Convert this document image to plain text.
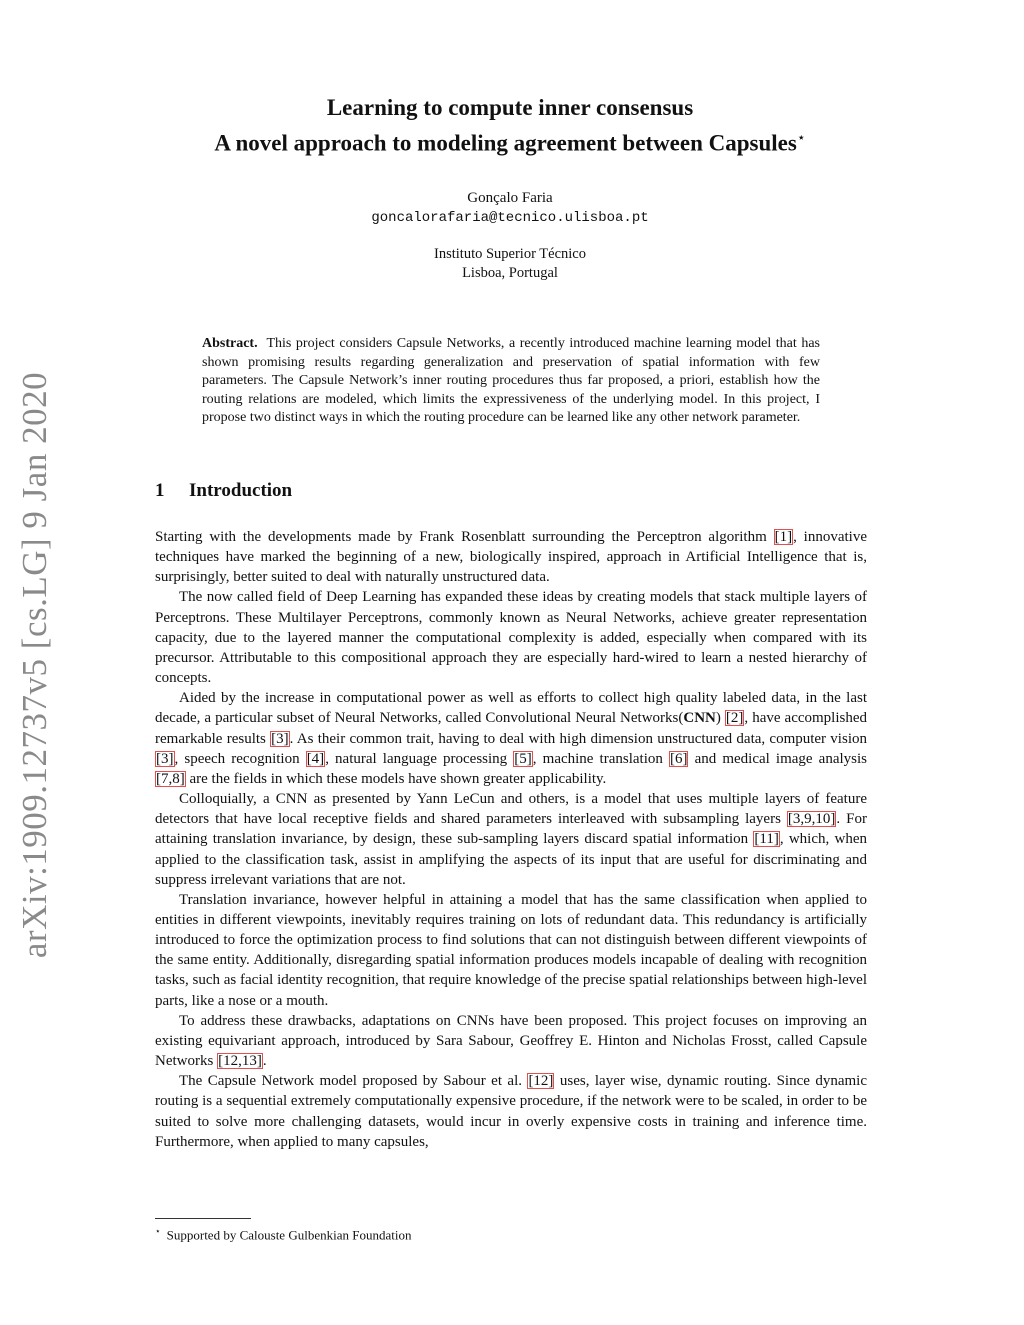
arXiv:1909.12737v5 [cs.LG] 9 Jan 2020
Learning to compute inner consensus
A novel approach to modeling agreement between Capsules⋆
Gonçalo Faria
goncalorafaria@tecnico.ulisboa.pt
Instituto Superior Técnico
Lisboa, Portugal

Abstract. This project considers Capsule Networks, a recently introduced machine learning model that has shown promising results regarding generalization and preservation of spatial information with few parameters. The Capsule Network’s inner routing procedures thus far proposed, a priori, establish how the routing relations are modeled, which limits the expressiveness of the underlying model. In this project, I propose two distinct ways in which the routing procedure can be learned like any other network parameter.

1 Introduction

Starting with the developments made by Frank Rosenblatt surrounding the Perceptron algorithm [1], innovative techniques have marked the beginning of a new, biologically inspired, approach in Artificial Intelligence that is, surprisingly, better suited to deal with naturally unstructured data.

The now called field of Deep Learning has expanded these ideas by creating models that stack multiple layers of Perceptrons. These Multilayer Perceptrons, commonly known as Neural Networks, achieve greater representation capacity, due to the layered manner the computational complexity is added, especially when compared with its precursor. Attributable to this compositional approach they are especially hard-wired to learn a nested hierarchy of concepts.

Aided by the increase in computational power as well as efforts to collect high quality labeled data, in the last decade, a particular subset of Neural Networks, called Convolutional Neural Networks(CNN) [2], have accomplished remarkable results [3]. As their common trait, having to deal with high dimension unstructured data, computer vision [3], speech recognition [4], natural language processing [5], machine translation [6] and medical image analysis [7,8] are the fields in which these models have shown greater applicability.

Colloquially, a CNN as presented by Yann LeCun and others, is a model that uses multiple layers of feature detectors that have local receptive fields and shared parameters interleaved with subsampling layers [3,9,10]. For attaining translation invariance, by design, these sub-sampling layers discard spatial information [11], which, when applied to the classification task, assist in amplifying the aspects of its input that are useful for discriminating and suppress irrelevant variations that are not.

Translation invariance, however helpful in attaining a model that has the same classification when applied to entities in different viewpoints, inevitably requires training on lots of redundant data. This redundancy is artificially introduced to force the optimization process to find solutions that can not distinguish between different viewpoints of the same entity. Additionally, disregarding spatial information produces models incapable of dealing with recognition tasks, such as facial identity recognition, that require knowledge of the precise spatial relationships between high-level parts, like a nose or a mouth.

To address these drawbacks, adaptations on CNNs have been proposed. This project focuses on improving an existing equivariant approach, introduced by Sara Sabour, Geoffrey E. Hinton and Nicholas Frosst, called Capsule Networks [12,13].

The Capsule Network model proposed by Sabour et al. [12] uses, layer wise, dynamic routing. Since dynamic routing is a sequential extremely computationally expensive procedure, if the network were to be scaled, in order to be suited to solve more challenging datasets, would incur in overly expensive costs in training and inference time. Furthermore, when applied to many capsules,

⋆ Supported by Calouste Gulbenkian Foundation
